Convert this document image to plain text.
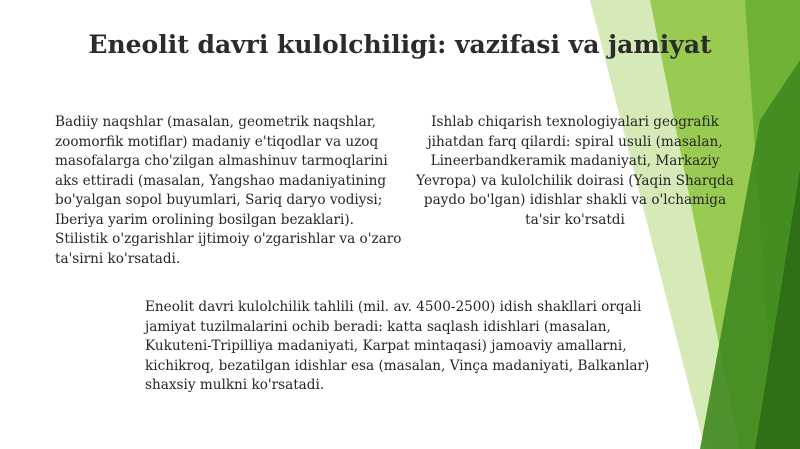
Eneolit davri kulolchiligi: vazifasi va jamiyat
Badiiy naqshlar (masalan, geometrik naqshlar, zoomorfik motiflar) madaniy e'tiqodlar va uzoq masofalarga cho'zilgan almashinuv tarmoqlarini aks ettiradi (masalan, Yangshao madaniyatining bo'yalgan sopol buyumlari, Sariq daryo vodiysi; Iberiya yarim orolining bosilgan bezaklari). Stilistik o'zgarishlar ijtimoiy o'zgarishlar va o'zaro ta'sirni ko'rsatadi.
Ishlab chiqarish texnologiyalari geografik jihatdan farq qilardi: spiral usuli (masalan, Lineerbandkeramik madaniyati, Markaziy Yevropa) va kulolchilik doirasi (Yaqin Sharqda paydo bo'lgan) idishlar shakli va o'lchamiga ta'sir ko'rsatdi
Eneolit davri kulolchilik tahlili (mil. av. 4500-2500) idish shakllari orqali jamiyat tuzilmalarini ochib beradi: katta saqlash idishlari (masalan, Kukuteni-Tripilliya madaniyati, Karpat mintaqasi) jamoaviy amallarni, kichikroq, bezatilgan idishlar esa (masalan, Vinça madaniyati, Balkanlar) shaxsiy mulkni ko'rsatadi.
